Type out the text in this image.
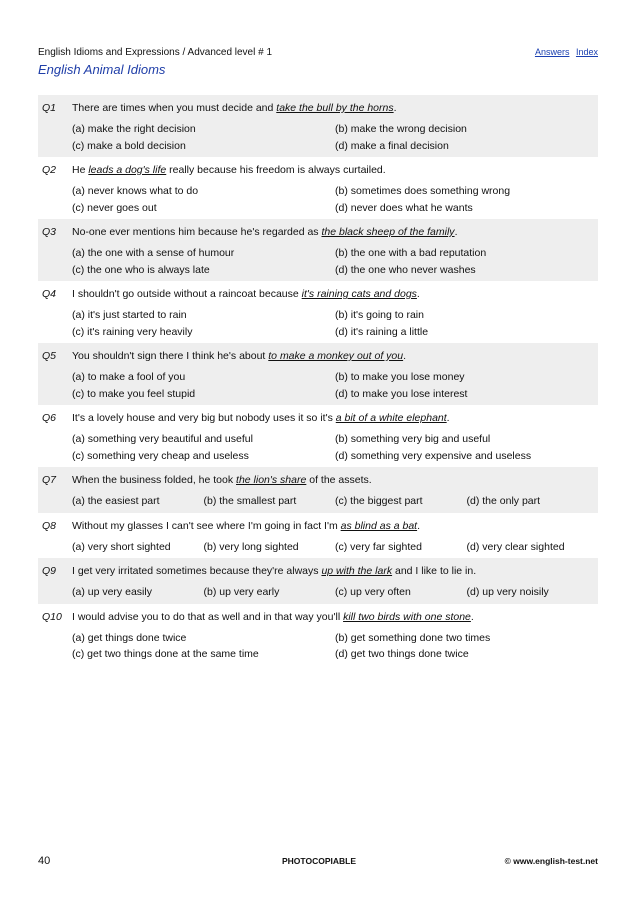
English Idioms and Expressions / Advanced level # 1	Answers Index
English Animal Idioms
Q1	There are times when you must decide and take the bull by the horns.
(a) make the right decision	(b) make the wrong decision
(c) make a bold decision	(d) make a final decision
Q2	He leads a dog's life really because his freedom is always curtailed.
(a) never knows what to do	(b) sometimes does something wrong
(c) never goes out	(d) never does what he wants
Q3	No-one ever mentions him because he's regarded as the black sheep of the family.
(a) the one with a sense of humour	(b) the one with a bad reputation
(c) the one who is always late	(d) the one who never washes
Q4	I shouldn't go outside without a raincoat because it's raining cats and dogs.
(a) it's just started to rain	(b) it's going to rain
(c) it's raining very heavily	(d) it's raining a little
Q5	You shouldn't sign there I think he's about to make a monkey out of you.
(a) to make a fool of you	(b) to make you lose money
(c) to make you feel stupid	(d) to make you lose interest
Q6	It's a lovely house and very big but nobody uses it so it's a bit of a white elephant.
(a) something very beautiful and useful	(b) something very big and useful
(c) something very cheap and useless	(d) something very expensive and useless
Q7	When the business folded, he took the lion's share of the assets.
(a) the easiest part	(b) the smallest part	(c) the biggest part	(d) the only part
Q8	Without my glasses I can't see where I'm going in fact I'm as blind as a bat.
(a) very short sighted	(b) very long sighted	(c) very far sighted	(d) very clear sighted
Q9	I get very irritated sometimes because they're always up with the lark and I like to lie in.
(a) up very easily	(b) up very early	(c) up very often	(d) up very noisily
Q10 I would advise you to do that as well and in that way you'll kill two birds with one stone.
(a) get things done twice	(b) get something done two times
(c) get two things done at the same time	(d) get two things done twice
40	PHOTOCOPIABLE	© www.english-test.net
